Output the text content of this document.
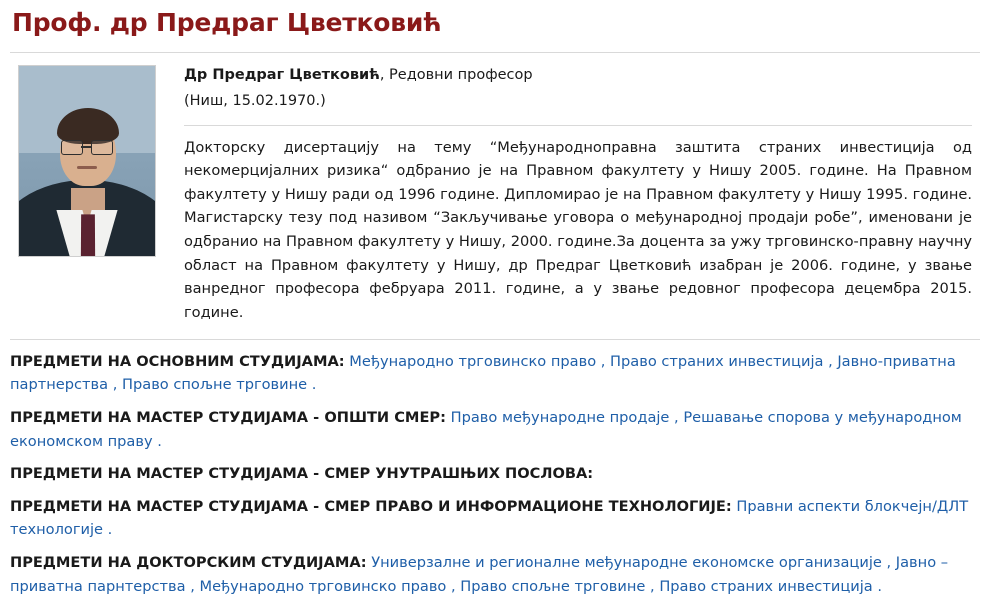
Проф. др Предраг Цветковић
Др Предраг Цветковић, Редовни професор
(Ниш, 15.02.1970.)
Докторску дисертацију на тему “Међународноправна заштита страних инвестиција од некомерцијалних ризика“ одбранио је на Правном факултету у Нишу 2005. године. На Правном факултету у Нишу ради од 1996 године. Дипломирао је на Правном факултету у Нишу 1995. године. Магистарску тезу под називом “Закључивање уговора о међународној продаји робе”, именовани је одбранио на Правном факултету у Нишу, 2000. године.За доцента за ужу трговинско-правну научну област на Правном факултету у Нишу, др Предраг Цветковић изабран је 2006. године, у звање ванредног професора фебруара 2011. године, а у звање редовног професора децембра 2015. године.
ПРЕДМЕТИ НА ОСНОВНИМ СТУДИЈАМА: Међународно трговинско право , Право страних инвестиција , Јавно-приватна партнерства , Право спољне трговине .
ПРЕДМЕТИ НА МАСТЕР СТУДИЈАМА - ОПШТИ СМЕР: Право међународне продаје , Решавање спорова у међународном економском праву .
ПРЕДМЕТИ НА МАСТЕР СТУДИЈАМА - СМЕР УНУТРАШЊИХ ПОСЛОВА:
ПРЕДМЕТИ НА МАСТЕР СТУДИЈАМА - СМЕР ПРАВО И ИНФОРМАЦИОНЕ ТЕХНОЛОГИЈЕ: Правни аспекти блокчејн/ДЛТ технологије .
ПРЕДМЕТИ НА ДОКТОРСКИМ СТУДИЈАМА: Универзалне и регионалне међународне економске организације , Јавно – приватна парнтерства , Међународно трговинско право , Право спољне трговине , Право страних инвестиција .
